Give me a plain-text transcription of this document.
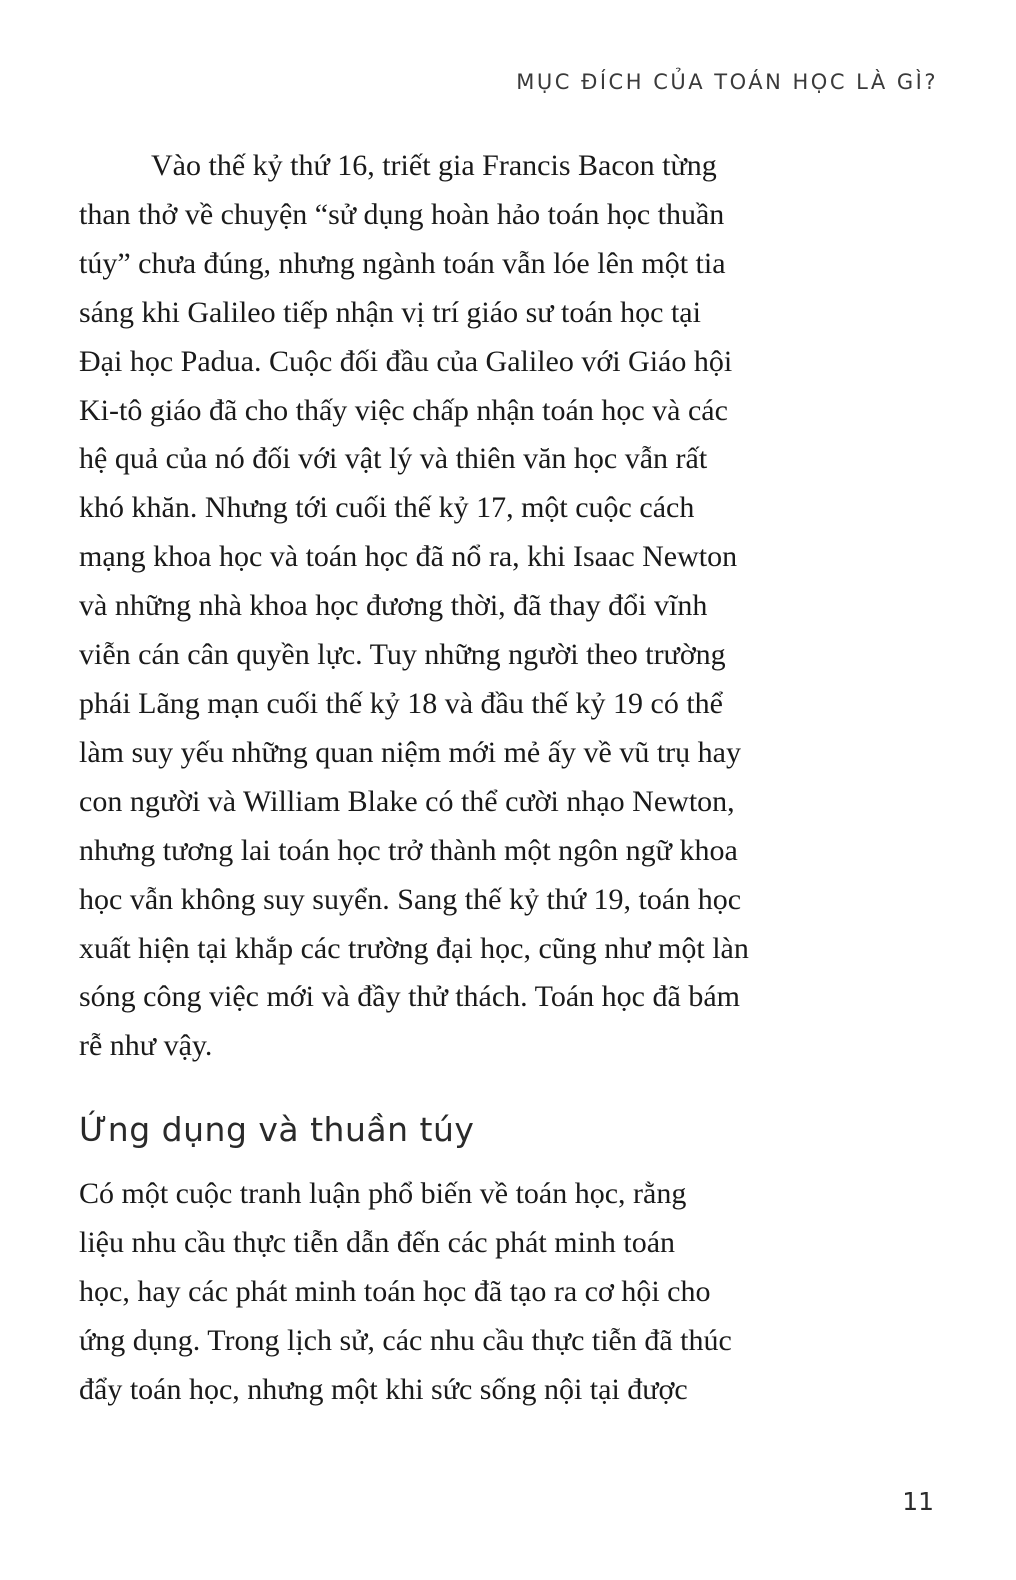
MỤC ĐÍCH CỦA TOÁN HỌC LÀ GÌ?
Vào thế kỷ thứ 16, triết gia Francis Bacon từng
than thở về chuyện “sử dụng hoàn hảo toán học thuần
túy” chưa đúng, nhưng ngành toán vẫn lóe lên một tia
sáng khi Galileo tiếp nhận vị trí giáo sư toán học tại
Đại học Padua. Cuộc đối đầu của Galileo với Giáo hội
Ki-tô giáo đã cho thấy việc chấp nhận toán học và các
hệ quả của nó đối với vật lý và thiên văn học vẫn rất
khó khăn. Nhưng tới cuối thế kỷ 17, một cuộc cách
mạng khoa học và toán học đã nổ ra, khi Isaac Newton
và những nhà khoa học đương thời, đã thay đổi vĩnh
viễn cán cân quyền lực. Tuy những người theo trường
phái Lãng mạn cuối thế kỷ 18 và đầu thế kỷ 19 có thể
làm suy yếu những quan niệm mới mẻ ấy về vũ trụ hay
con người và William Blake có thể cười nhạo Newton,
nhưng tương lai toán học trở thành một ngôn ngữ khoa
học vẫn không suy suyển. Sang thế kỷ thứ 19, toán học
xuất hiện tại khắp các trường đại học, cũng như một làn
sóng công việc mới và đầy thử thách. Toán học đã bám
rễ như vậy.
Ứng dụng và thuần túy
Có một cuộc tranh luận phổ biến về toán học, rằng
liệu nhu cầu thực tiễn dẫn đến các phát minh toán
học, hay các phát minh toán học đã tạo ra cơ hội cho
ứng dụng. Trong lịch sử, các nhu cầu thực tiễn đã thúc
đẩy toán học, nhưng một khi sức sống nội tại được
11
